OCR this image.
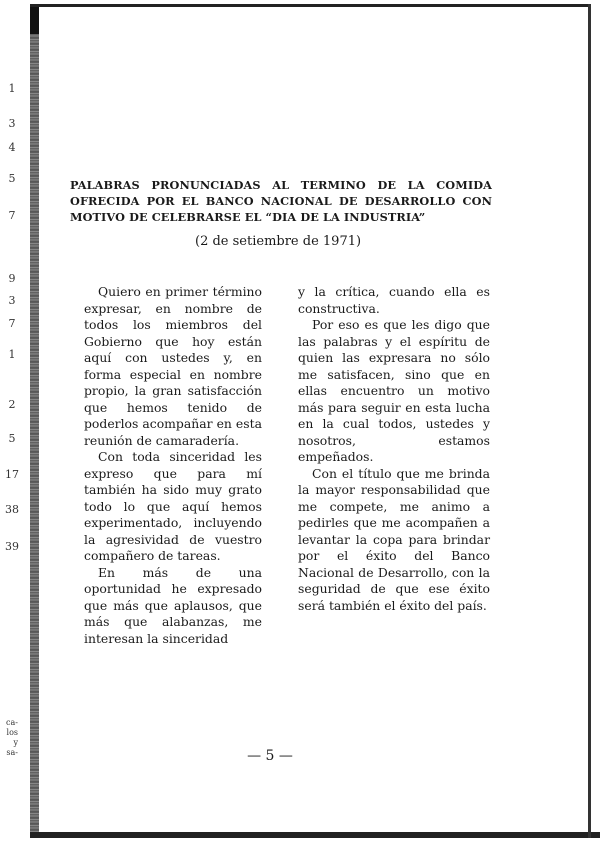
1
3
4
5
7
9
3
7
1
2
5
17
38
39
ca- los y sa-
PALABRAS PRONUNCIADAS AL TERMINO DE LA COMIDA OFRECIDA POR EL BANCO NACIONAL DE DESARROLLO CON MOTIVO DE CELEBRARSE EL “DIA DE LA INDUSTRIA”
(2 de setiembre de 1971)

Quiero en primer término expresar, en nombre de todos los miembros del Gobierno que hoy están aquí con ustedes y, en forma especial en nombre propio, la gran satisfacción que hemos tenido de poderlos acompañar en esta reunión de camaradería.

Con toda sinceridad les expreso que para mí también ha sido muy grato todo lo que aquí hemos experimentado, incluyendo la agresividad de vuestro compañero de tareas.

En más de una oportunidad he expresado que más que aplausos, que más que alabanzas, me interesan la sinceridad

y la crítica, cuando ella es constructiva.

Por eso es que les digo que las palabras y el espíritu de quien las expresara no sólo me satisfacen, sino que en ellas encuentro un motivo más para seguir en esta lucha en la cual todos, ustedes y nosotros, estamos empeñados.

Con el título que me brinda la mayor responsabilidad que me compete, me animo a pedirles que me acompañen a levantar la copa para brindar por el éxito del Banco Nacional de Desarrollo, con la seguridad de que ese éxito será también el éxito del país.

— 5 —
